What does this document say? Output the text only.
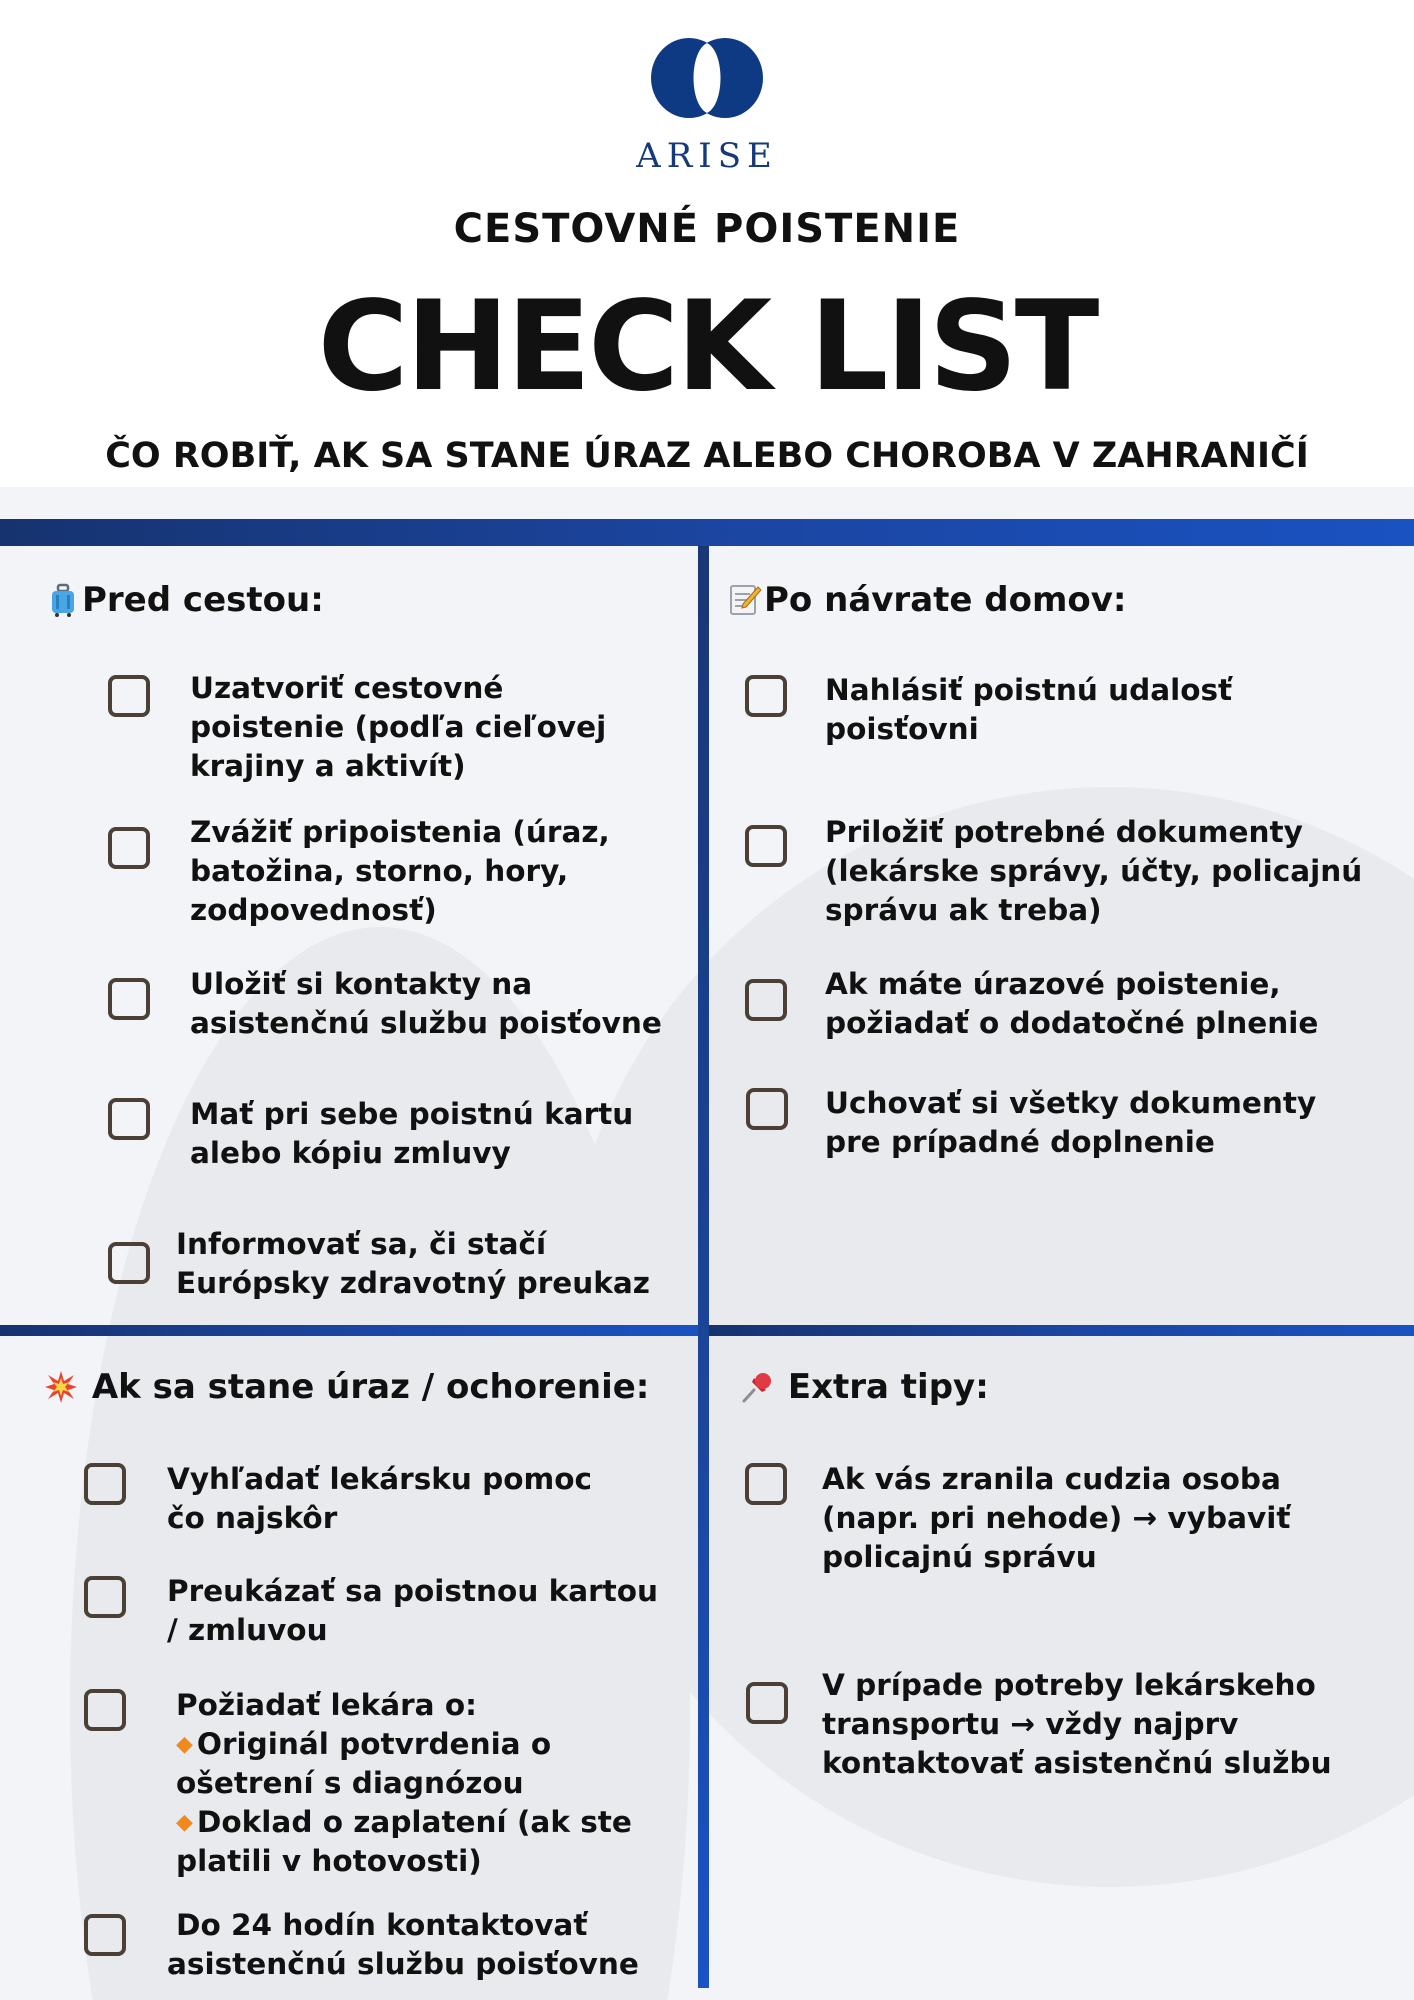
ARISE
CESTOVNÉ POISTENIE
CHECK LIST
ČO ROBIŤ, AK SA STANE ÚRAZ ALEBO CHOROBA V ZAHRANIČÍ
Pred cestou:
Uzatvoriť cestovné
poistenie (podľa cieľovej
krajiny a aktivít)
Zvážiť pripoistenia (úraz,
batožina, storno, hory,
zodpovednosť)
Uložiť si kontakty na
asistenčnú službu poisťovne
Mať pri sebe poistnú kartu
alebo kópiu zmluvy
Informovať sa, či stačí
Európsky zdravotný preukaz
Po návrate domov:
Nahlásiť poistnú udalosť
poisťovni
Priložiť potrebné dokumenty
(lekárske správy, účty, policajnú
správu ak treba)
Ak máte úrazové poistenie,
požiadať o dodatočné plnenie
Uchovať si všetky dokumenty
pre prípadné doplnenie
Ak sa stane úraz / ochorenie:
Vyhľadať lekársku pomoc
čo najskôr
Preukázať sa poistnou kartou
/ zmluvou
Požiadať lekára o:
◆ Originál potvrdenia o
ošetrení s diagnózou
◆ Doklad o zaplatení (ak ste
platili v hotovosti)
Do 24 hodín kontaktovať
asistenčnú službu poisťovne
Extra tipy:
Ak vás zranila cudzia osoba
(napr. pri nehode) → vybaviť
policajnú správu
V prípade potreby lekárskeho
transportu → vždy najprv
kontaktovať asistenčnú službu
